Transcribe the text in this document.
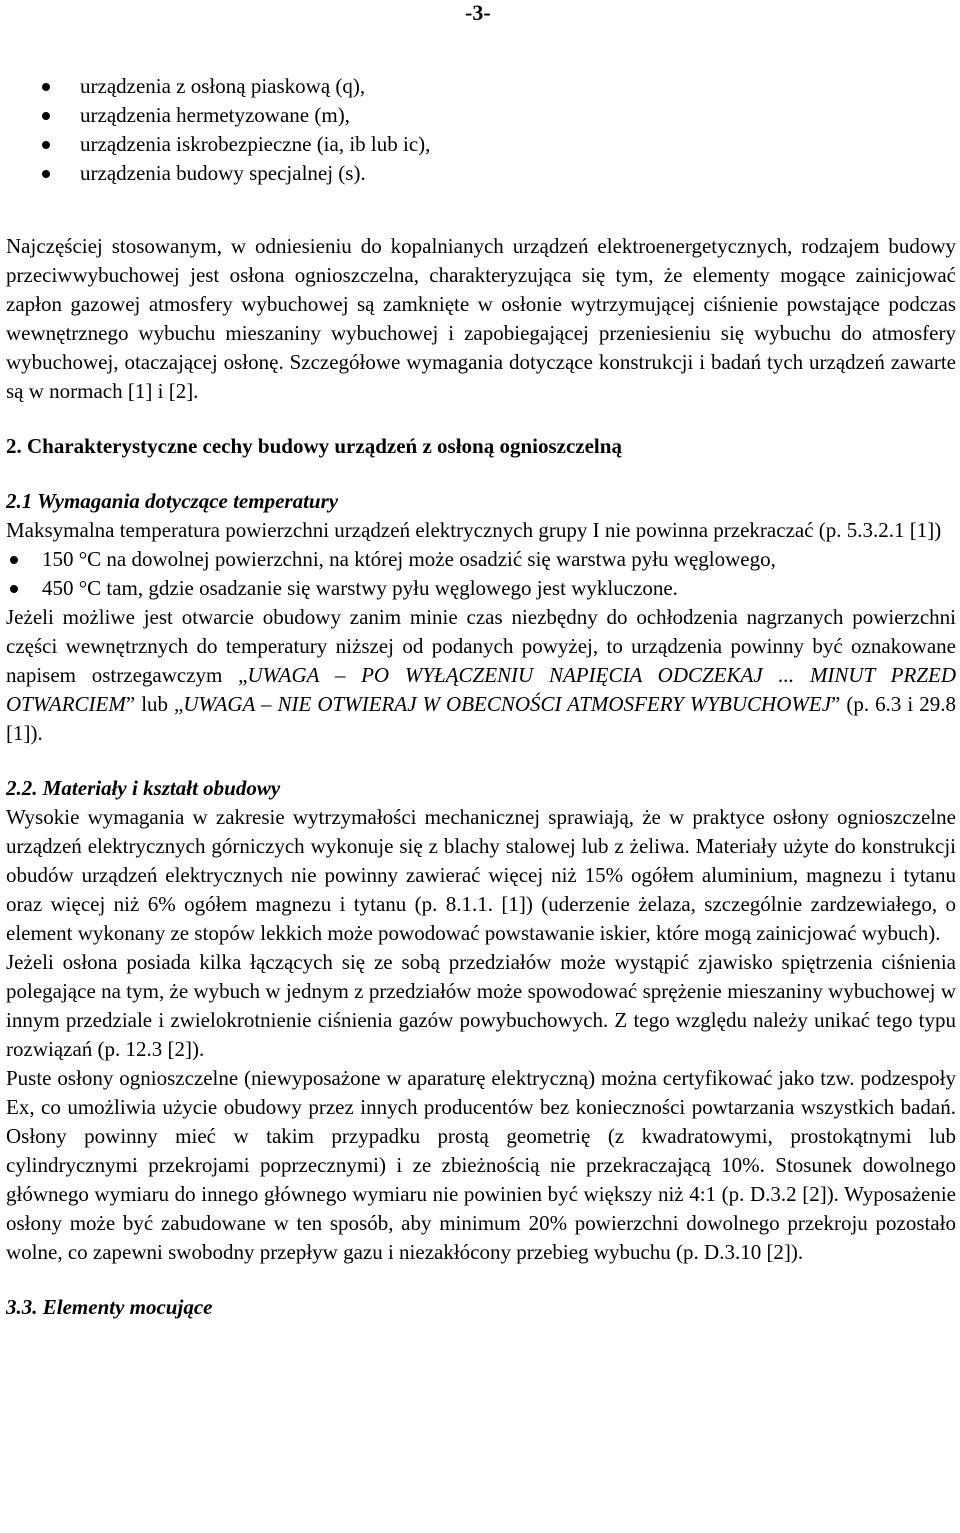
-3-
urządzenia z osłoną piaskową (q),
urządzenia hermetyzowane (m),
urządzenia iskrobezpieczne (ia, ib lub ic),
urządzenia budowy specjalnej (s).

Najczęściej stosowanym, w odniesieniu do kopalnianych urządzeń elektroenergetycznych, rodzajem budowy przeciwwybuchowej jest osłona ognioszczelna, charakteryzująca się tym, że elementy mogące zainicjować zapłon gazowej atmosfery wybuchowej są zamknięte w osłonie wytrzymującej ciśnienie powstające podczas wewnętrznego wybuchu mieszaniny wybuchowej i zapobiegającej przeniesieniu się wybuchu do atmosfery wybuchowej, otaczającej osłonę. Szczegółowe wymagania dotyczące konstrukcji i badań tych urządzeń zawarte są w normach [1] i [2].

2. Charakterystyczne cechy budowy urządzeń z osłoną ognioszczelną

2.1 Wymagania dotyczące temperatury

Maksymalna temperatura powierzchni urządzeń elektrycznych grupy I nie powinna przekraczać (p. 5.3.2.1 [1])

150 °C na dowolnej powierzchni, na której może osadzić się warstwa pyłu węglowego,
450 °C tam, gdzie osadzanie się warstwy pyłu węglowego jest wykluczone.

Jeżeli możliwe jest otwarcie obudowy zanim minie czas niezbędny do ochłodzenia nagrzanych powierzchni części wewnętrznych do temperatury niższej od podanych powyżej, to urządzenia powinny być oznakowane napisem ostrzegawczym „UWAGA – PO WYŁĄCZENIU NAPIĘCIA ODCZEKAJ ... MINUT PRZED OTWARCIEM” lub „UWAGA – NIE OTWIERAJ W OBECNOŚCI ATMOSFERY WYBUCHOWEJ” (p. 6.3 i 29.8 [1]).

2.2. Materiały i kształt obudowy

Wysokie wymagania w zakresie wytrzymałości mechanicznej sprawiają, że w praktyce osłony ognioszczelne urządzeń elektrycznych górniczych wykonuje się z blachy stalowej lub z żeliwa. Materiały użyte do konstrukcji obudów urządzeń elektrycznych nie powinny zawierać więcej niż 15% ogółem aluminium, magnezu i tytanu oraz więcej niż 6% ogółem magnezu i tytanu (p. 8.1.1. [1]) (uderzenie żelaza, szczególnie zardzewiałego, o element wykonany ze stopów lekkich może powodować powstawanie iskier, które mogą zainicjować wybuch).

Jeżeli osłona posiada kilka łączących się ze sobą przedziałów może wystąpić zjawisko spiętrzenia ciśnienia polegające na tym, że wybuch w jednym z przedziałów może spowodować sprężenie mieszaniny wybuchowej w innym przedziale i zwielokrotnienie ciśnienia gazów powybuchowych. Z tego względu należy unikać tego typu rozwiązań (p. 12.3 [2]).

Puste osłony ognioszczelne (niewyposażone w aparaturę elektryczną) można certyfikować jako tzw. podzespoły Ex, co umożliwia użycie obudowy przez innych producentów bez konieczności powtarzania wszystkich badań. Osłony powinny mieć w takim przypadku prostą geometrię (z kwadratowymi, prostokątnymi lub cylindrycznymi przekrojami poprzecznymi) i ze zbieżnością nie przekraczającą 10%. Stosunek dowolnego głównego wymiaru do innego głównego wymiaru nie powinien być większy niż 4:1 (p. D.3.2 [2]). Wyposażenie osłony może być zabudowane w ten sposób, aby minimum 20% powierzchni dowolnego przekroju pozostało wolne, co zapewni swobodny przepływ gazu i niezakłócony przebieg wybuchu (p. D.3.10 [2]).

3.3. Elementy mocujące
